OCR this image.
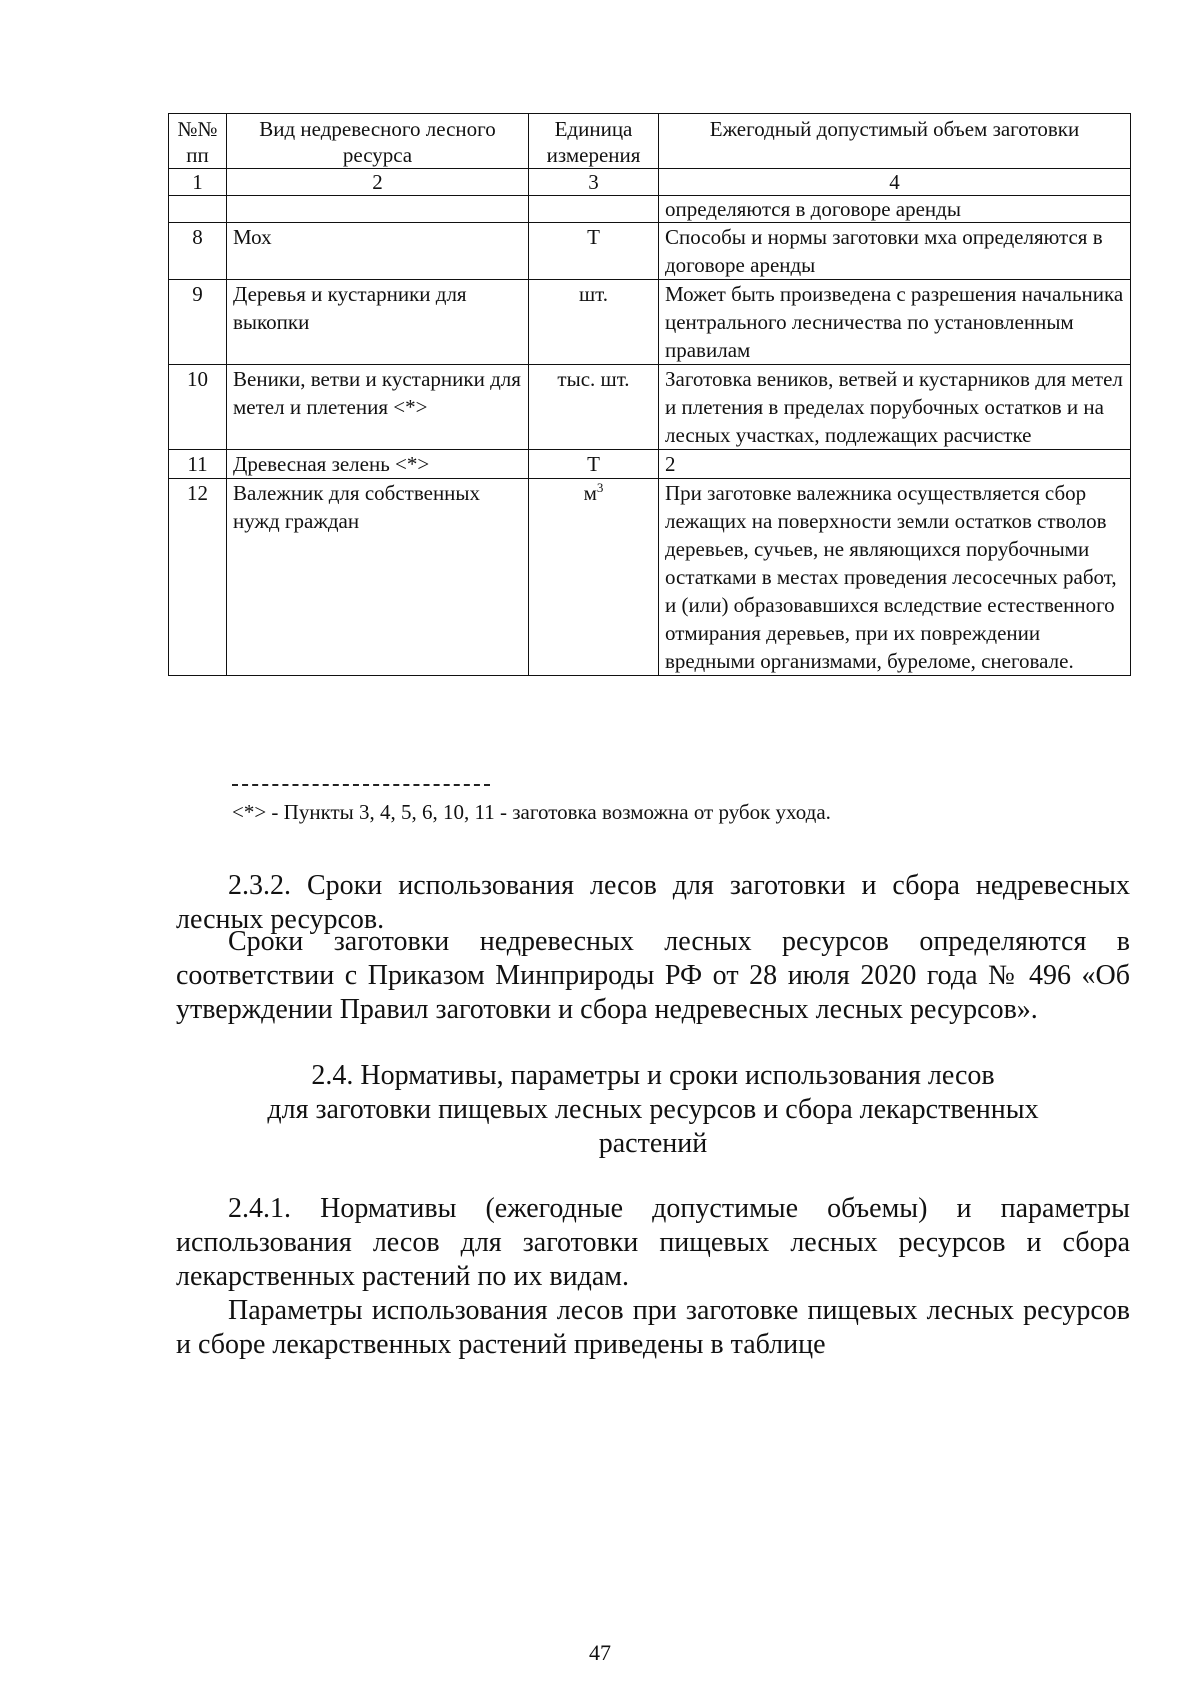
№№ пп	Вид недревесного лесного ресурса	Единица измерения	Ежегодный допустимый объем заготовки
1	2	3	4
			определяются в договоре аренды
8	Мох	Т	Способы и нормы заготовки мха определяются в договоре аренды
9	Деревья и кустарники для выкопки	шт.	Может быть произведена с разрешения начальника центрального лесничества по установленным правилам
10	Веники, ветви и кустарники для метел и плетения <*>	тыс. шт.	Заготовка веников, ветвей и кустарников для метел и плетения в пределах порубочных остатков и на лесных участках, подлежащих расчистке
11	Древесная зелень <*>	Т	2
12	Валежник для собственных нужд граждан	$м^3$	При заготовке валежника осуществляется сбор лежащих на поверхности земли остатков стволов деревьев, сучьев, не являющихся порубочными остатками в местах проведения лесосечных работ, и (или) образовавшихся вследствие естественного отмирания деревьев, при их повреждении вредными организмами, буреломе, снеговале.
<*> - Пункты 3, 4, 5, 6, 10, 11 - заготовка возможна от рубок ухода.
2.3.2. Сроки использования лесов для заготовки и сбора недревесных лесных ресурсов.
Сроки заготовки недревесных лесных ресурсов определяются в соответствии с Приказом Минприроды РФ от 28 июля 2020 года № 496 «Об утверждении Правил заготовки и сбора недревесных лесных ресурсов».
2.4. Нормативы, параметры и сроки использования лесов
для заготовки пищевых лесных ресурсов и сбора лекарственных
растений
2.4.1. Нормативы (ежегодные допустимые объемы) и параметры использования лесов для заготовки пищевых лесных ресурсов и сбора лекарственных растений по их видам.
Параметры использования лесов при заготовке пищевых лесных ресурсов и сборе лекарственных растений приведены в таблице
47
